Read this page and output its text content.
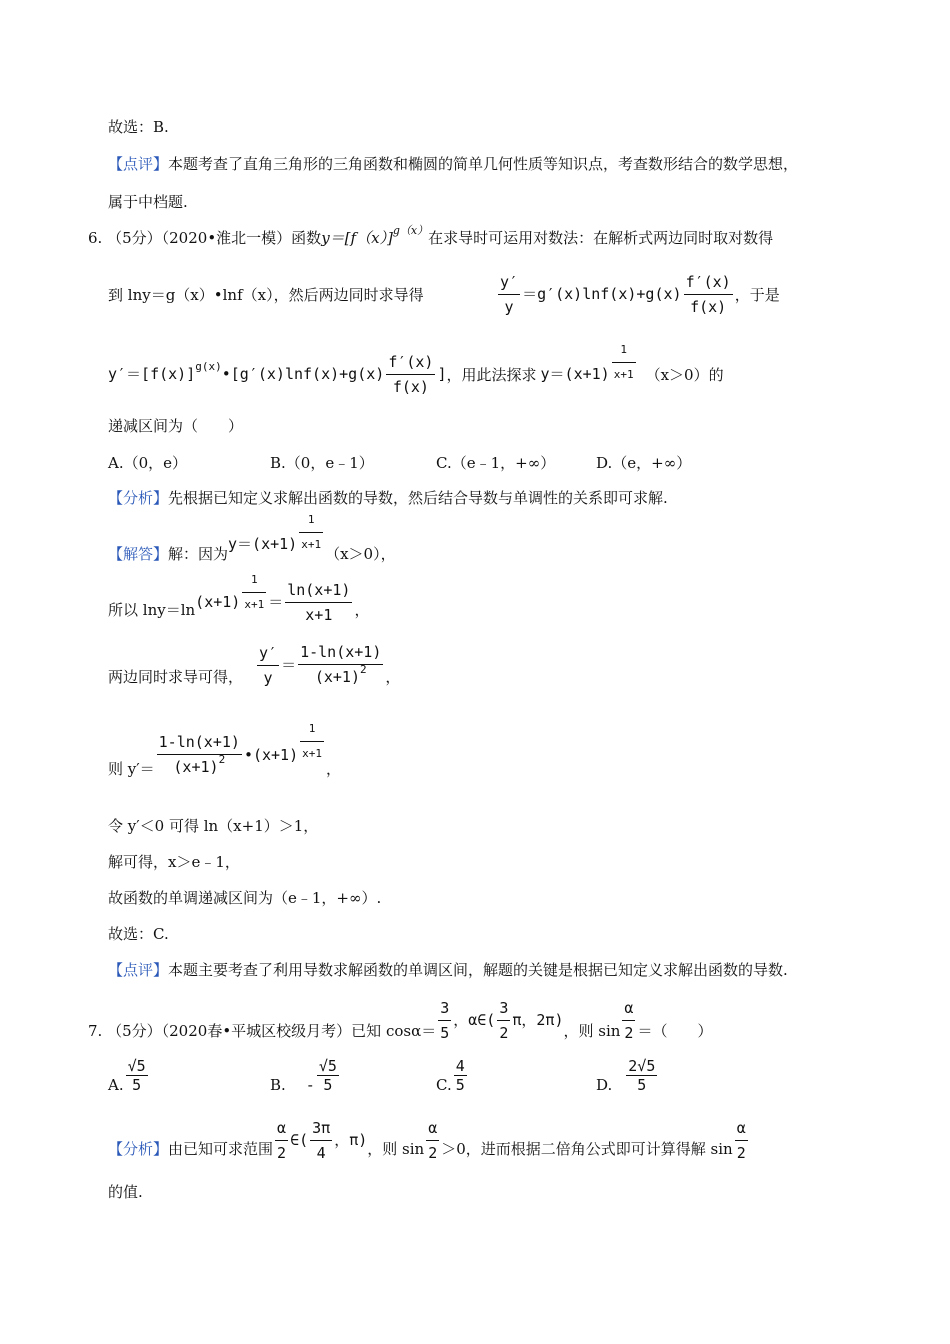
故选：B.
【点评】本题考查了直角三角形的三角函数和椭圆的简单几何性质等知识点，考查数形结合的数学思想，
属于中档题.
6. （5分）（2020•淮北一模）函数$y=[f(x)]^{g(x)}$在求导时可运用对数法：在解析式两边同时取对数得
到 lny＝g（x）•lnf（x），然后两边同时求导得	$\frac{y'}{y} =g'(x)\ln f(x)+g(x) \frac{f'(x)}{f(x)}$ ，于是
$y'=[f(x)]^{g(x)}•[g'(x)\ln f(x)+g(x) \frac{f'(x)}{f(x)}$ ]，用此法探求 $y=(x+1) \frac{1}{x+1} (x>0)$的
递减区间为（　　）
A.（0，e）	B.（0，e﹣1）	C.（e﹣1，+∞）	D.（e，+∞）
【分析】先根据已知定义求解出函数的导数，然后结合导数与单调性的关系即可求解.
【解答】解：因为$y=(x+1) \frac{1}{x+1} (x>0)$，
所以 $\ln y=\ln(x+1) \frac{1}{x+1} = \frac{\ln(x+1)}{x+1}$ ，
两边同时求导可得， $\frac{y'}{y} = \frac{1-\ln(x+1)}{(x+1)^2}$ ，
则 $y'= \frac{1-\ln(x+1)}{(x+1)^2}$ •(x+1) $\frac{1}{x+1}$
，
令 y′＜0 可得 ln（x+1）＞1，
解可得，x＞e﹣1，
故函数的单调递减区间为（e﹣1，+∞）.
故选：C.
【点评】本题主要考查了利用导数求解函数的单调区间，解题的关键是根据已知定义求解出函数的导数.
7. （5分）（2020春•平城区校级月考）已知 $\cos\alpha= \frac{3}{5}$ ，α∈( $\frac{3}{2}$ π，2π)，则 $\sin \frac{\alpha}{2}$ ＝（　　）
A. $\frac{√5}{5}$	B. - $\frac{√5}{5}$	C. $\frac{4}{5}$	D. $\frac{2√5}{5}$
【分析】由已知可求范围 $\frac{\alpha}{2}$ ∈( $\frac{3\pi}{4}$ ，π)，则 $\sin \frac{\alpha}{2} >0$，进而根据二倍角公式即可计算得解 $\sin \frac{\alpha}{2}$
的值.
